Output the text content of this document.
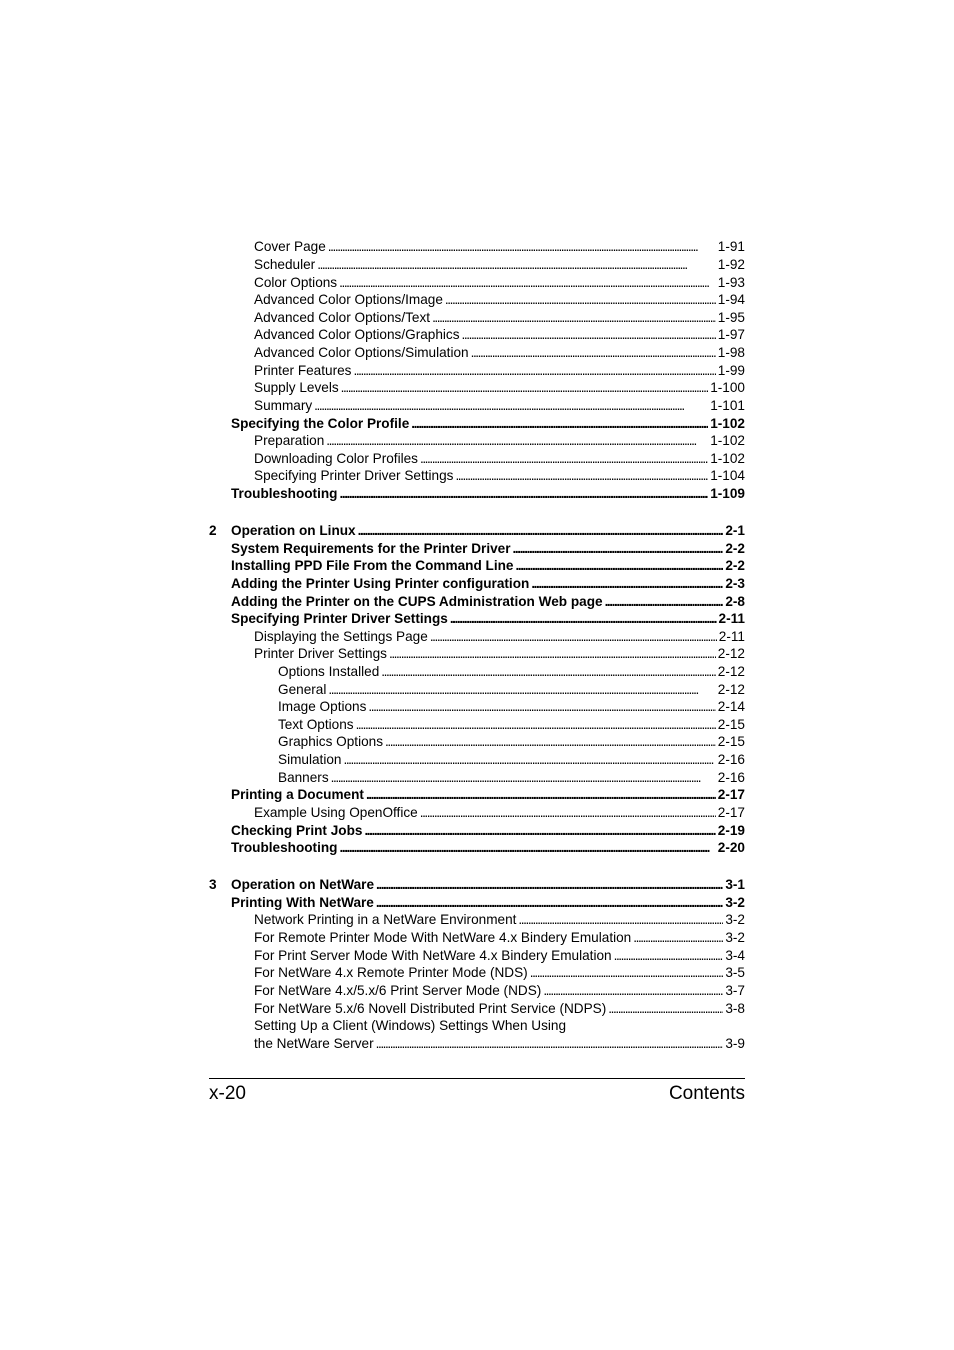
Cover Page . . .	1-91
Scheduler . . .	1-92
Color Options . . .	1-93
Advanced Color Options/Image . . .	1-94
Advanced Color Options/Text . . .	1-95
Advanced Color Options/Graphics . . .	1-97
Advanced Color Options/Simulation . . .	1-98
Printer Features . . .	1-99
Supply Levels . . .	1-100
Summary . . .	1-101
Specifying the Color Profile . . .	1-102
Preparation . . .	1-102
Downloading Color Profiles . . .	1-102
Specifying Printer Driver Settings . . .	1-104
Troubleshooting . . .	1-109
2 Operation on Linux . . .	2-1
System Requirements for the Printer Driver . . .	2-2
Installing PPD File From the Command Line . . .	2-2
Adding the Printer Using Printer configuration . . .	2-3
Adding the Printer on the CUPS Administration Web page . . .	2-8
Specifying Printer Driver Settings . . .	2-11
Displaying the Settings Page . . .	2-11
Printer Driver Settings . . .	2-12
Options Installed . . .	2-12
General . . .	2-12
Image Options . . .	2-14
Text Options . . .	2-15
Graphics Options . . .	2-15
Simulation . . .	2-16
Banners . . .	2-16
Printing a Document . . .	2-17
Example Using OpenOffice . . .	2-17
Checking Print Jobs . . .	2-19
Troubleshooting . . .	2-20
3 Operation on NetWare . . .	3-1
Printing With NetWare . . .	3-2
Network Printing in a NetWare Environment . . .	3-2
For Remote Printer Mode With NetWare 4.x Bindery Emulation . . .	3-2
For Print Server Mode With NetWare 4.x Bindery Emulation . . .	3-4
For NetWare 4.x Remote Printer Mode (NDS) . . .	3-5
For NetWare 4.x/5.x/6 Print Server Mode (NDS) . . .	3-7
For NetWare 5.x/6 Novell Distributed Print Service (NDPS) . . .	3-8
Setting Up a Client (Windows) Settings When Using
the NetWare Server . . .	3-9
x-20	Contents
